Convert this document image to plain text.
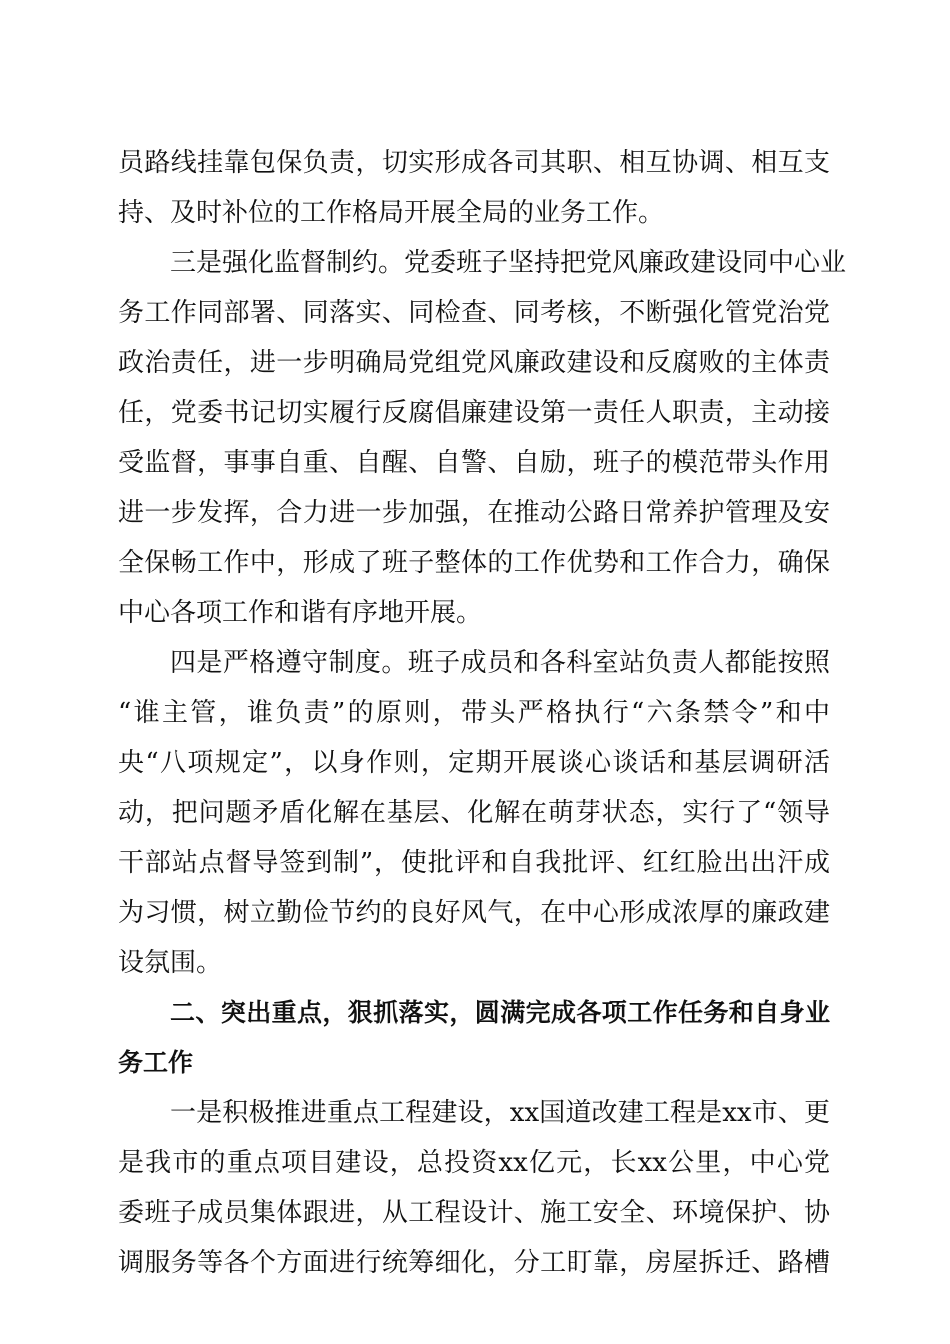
员路线挂靠包保负责，切实形成各司其职、相互协调、相互支
持、及时补位的工作格局开展全局的业务工作。
三是强化监督制约。党委班子坚持把党风廉政建设同中心业
务工作同部署、同落实、同检查、同考核，不断强化管党治党
政治责任，进一步明确局党组党风廉政建设和反腐败的主体责
任，党委书记切实履行反腐倡廉建设第一责任人职责，主动接
受监督，事事自重、自醒、自警、自励，班子的模范带头作用
进一步发挥，合力进一步加强，在推动公路日常养护管理及安
全保畅工作中，形成了班子整体的工作优势和工作合力，确保
中心各项工作和谐有序地开展。
四是严格遵守制度。班子成员和各科室站负责人都能按照
“谁主管，谁负责”的原则，带头严格执行“六条禁令”和中
央“八项规定”，以身作则，定期开展谈心谈话和基层调研活
动，把问题矛盾化解在基层、化解在萌芽状态，实行了“领导
干部站点督导签到制”，使批评和自我批评、红红脸出出汗成
为习惯，树立勤俭节约的良好风气，在中心形成浓厚的廉政建
设氛围。
二、突出重点，狠抓落实，圆满完成各项工作任务和自身业
务工作
一是积极推进重点工程建设，xx国道改建工程是xx市、更
是我市的重点项目建设，总投资xx亿元，长xx公里，中心党
委班子成员集体跟进，从工程设计、施工安全、环境保护、协
调服务等各个方面进行统筹细化，分工盯靠，房屋拆迁、路槽
